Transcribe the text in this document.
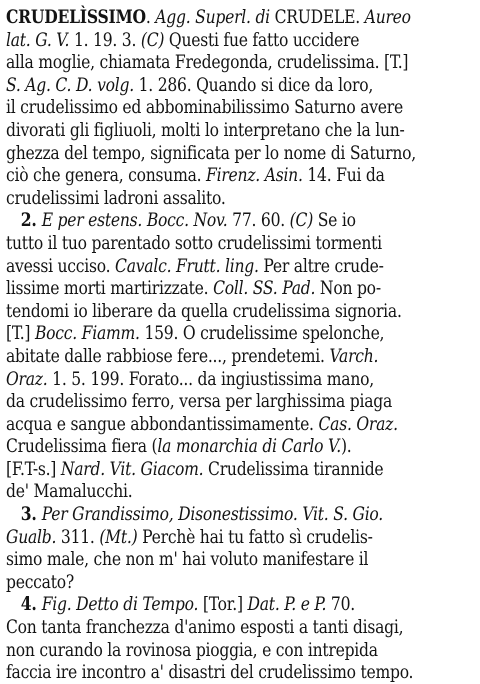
CRUDELÌSSIMO. Agg. Superl. di CRUDELE. Aureo
lat. G. V. 1. 19. 3. (C) Questi fue fatto uccidere
alla moglie, chiamata Fredegonda, crudelissima. [T.]
S. Ag. C. D. volg. 1. 286. Quando si dice da loro,
il crudelissimo ed abbominabilissimo Saturno avere
divorati gli figliuoli, molti lo interpretano che la lun-
ghezza del tempo, significata per lo nome di Saturno,
ciò che genera, consuma. Firenz. Asin. 14. Fui da
crudelissimi ladroni assalito.
2. E per estens. Bocc. Nov. 77. 60. (C) Se io
tutto il tuo parentado sotto crudelissimi tormenti
avessi ucciso. Cavalc. Frutt. ling. Per altre crude-
lissime morti martirizzate. Coll. SS. Pad. Non po-
tendomi io liberare da quella crudelissima signoria.
[T.] Bocc. Fiamm. 159. O crudelissime spelonche,
abitate dalle rabbiose fere..., prendetemi. Varch.
Oraz. 1. 5. 199. Forato... da ingiustissima mano,
da crudelissimo ferro, versa per larghissima piaga
acqua e sangue abbondantissimamente. Cas. Oraz.
Crudelissima fiera (la monarchia di Carlo V.).
[F.T-s.] Nard. Vit. Giacom. Crudelissima tirannide
de' Mamalucchi.
3. Per Grandissimo, Disonestissimo. Vit. S. Gio.
Gualb. 311. (Mt.) Perchè hai tu fatto sì crudelis-
simo male, che non m' hai voluto manifestare il
peccato?
4. Fig. Detto di Tempo. [Tor.] Dat. P. e P. 70.
Con tanta franchezza d'animo esposti a tanti disagi,
non curando la rovinosa pioggia, e con intrepida
faccia ire incontro a' disastri del crudelissimo tempo.
